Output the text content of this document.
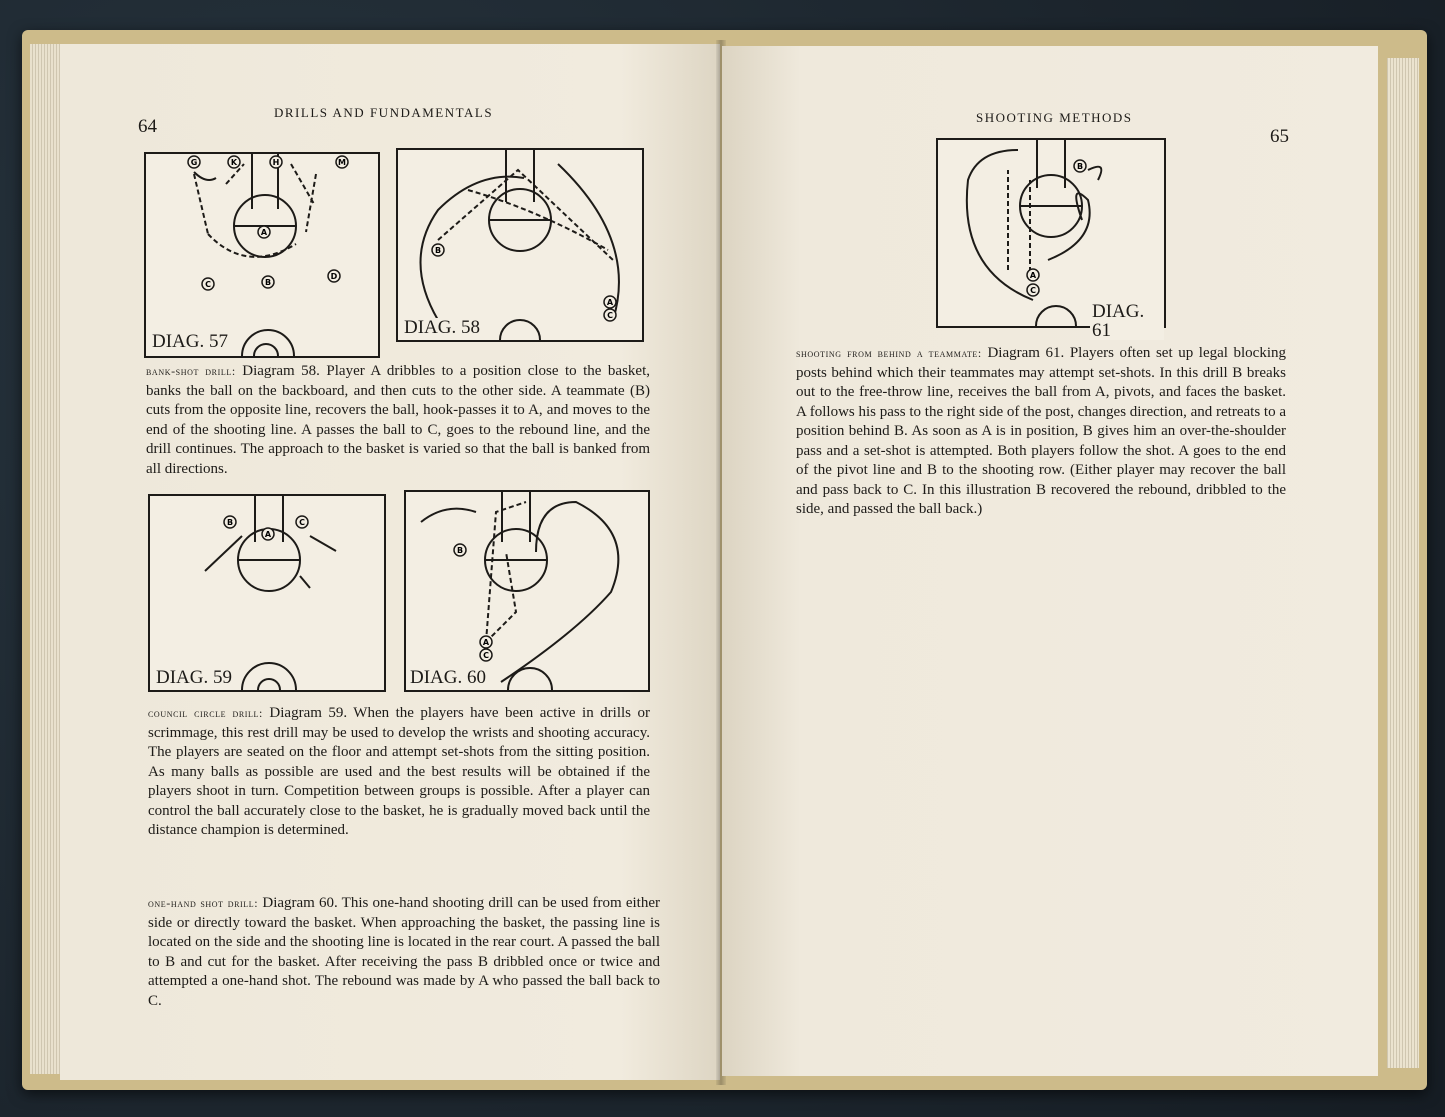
64
DRILLS AND FUNDAMENTALS
G	K	H	M
A
C	B
D
DIAG. 57
B
A
C
DIAG. 58
bank-shot drill: Diagram 58. Player A dribbles to a position close to the basket, banks the ball on the backboard, and then cuts to the other side. A teammate (B) cuts from the opposite line, recovers the ball, hook-passes it to A, and moves to the end of the shooting line. A passes the ball to C, goes to the rebound line, and the drill continues. The approach to the basket is varied so that the ball is banked from all directions.
B
A
C
DIAG. 59
B
A
C
DIAG. 60
council circle drill: Diagram 59. When the players have been active in drills or scrimmage, this rest drill may be used to develop the wrists and shooting accuracy. The players are seated on the floor and attempt set-shots from the sitting position. As many balls as possible are used and the best results will be obtained if the players shoot in turn. Competition between groups is possible. After a player can control the ball accurately close to the basket, he is gradually moved back until the distance champion is determined.
one-hand shot drill: Diagram 60. This one-hand shooting drill can be used from either side or directly toward the basket. When approaching the basket, the passing line is located on the side and the shooting line is located in the rear court. A passed the ball to B and cut for the basket. After receiving the pass B dribbled once or twice and attempted a one-hand shot. The rebound was made by A who passed the ball back to C.
65
SHOOTING METHODS
B
A
C
DIAG. 61
shooting from behind a teammate: Diagram 61. Players often set up legal blocking posts behind which their teammates may attempt set-shots. In this drill B breaks out to the free-throw line, receives the ball from A, pivots, and faces the basket. A follows his pass to the right side of the post, changes direction, and retreats to a position behind B. As soon as A is in position, B gives him an over-the-shoulder pass and a set-shot is attempted. Both players follow the shot. A goes to the end of the pivot line and B to the shooting row. (Either player may recover the ball and pass back to C. In this illustration B recovered the rebound, dribbled to the side, and passed the ball back.)
